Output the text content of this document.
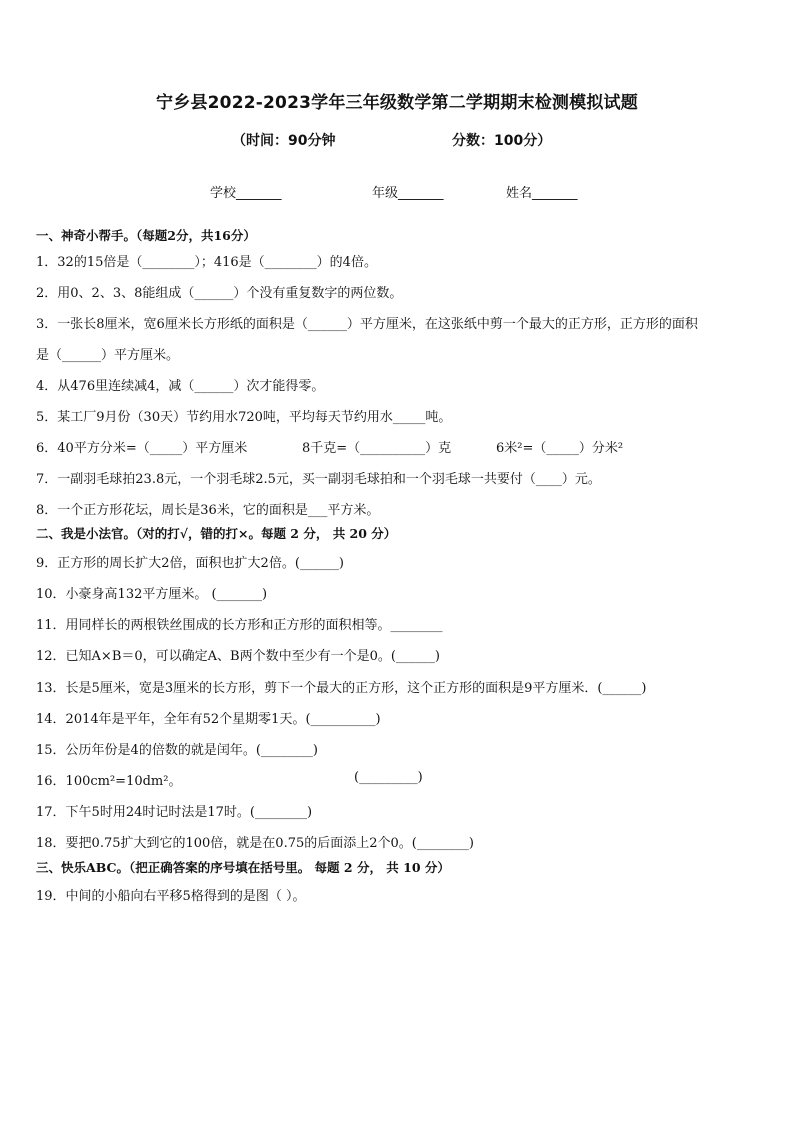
宁乡县2022-2023学年三年级数学第二学期期末检测模拟试题
（时间：90分钟	分数：100分）
学校_______	年级_______	姓名_______
一、神奇小帮手。（每题2分，共16分）
1．32的15倍是（________）；416是（________）的4倍。
2．用0、2、3、8能组成（______）个没有重复数字的两位数。
3．一张长8厘米，宽6厘米长方形纸的面积是（______）平方厘米，在这张纸中剪一个最大的正方形，正方形的面积
是（______）平方厘米。
4．从476里连续减4，减（______）次才能得零。
5．某工厂9月份（30天）节约用水720吨，平均每天节约用水_____吨。
6．40平方分米=（_____）平方厘米	8千克=（__________）克	6米²=（_____）分米²
7．一副羽毛球拍23.8元，一个羽毛球2.5元，买一副羽毛球拍和一个羽毛球一共要付（____）元。
8．一个正方形花坛，周长是36米，它的面积是___平方米。
二、我是小法官。（对的打√，错的打×。每题 2 分， 共 20 分）
9．正方形的周长扩大2倍，面积也扩大2倍。(______)
10．小豪身高132平方厘米。 (_______)
11．用同样长的两根铁丝围成的长方形和正方形的面积相等。________
12．已知A×B＝0，可以确定A、B两个数中至少有一个是0。(______)
13．长是5厘米，宽是3厘米的长方形，剪下一个最大的正方形，这个正方形的面积是9平方厘米．(______)
14．2014年是平年，全年有52个星期零1天。(__________)
15．公历年份是4的倍数的就是闰年。(________)
16．100cm²=10dm²。	(_________)
17．下午5时用24时记时法是17时。(________)
18．要把0.75扩大到它的100倍，就是在0.75的后面添上2个0。(________)
三、快乐ABC。（把正确答案的序号填在括号里。 每题 2 分， 共 10 分）
19．中间的小船向右平移5格得到的是图（ ）。
